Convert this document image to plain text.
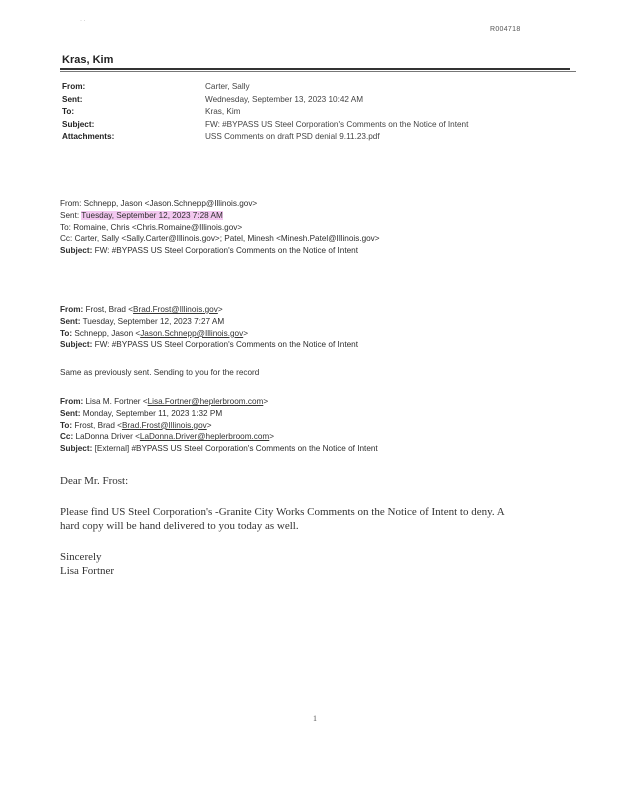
· ·
R004718
Kras, Kim
From:	Carter, Sally
Sent:	Wednesday, September 13, 2023 10:42 AM
To:	Kras, Kim
Subject:	FW: #BYPASS US Steel Corporation's Comments on the Notice of Intent
Attachments:	USS Comments on draft PSD denial 9.11.23.pdf
From: Schnepp, Jason <Jason.Schnepp@Illinois.gov>
Sent: Tuesday, September 12, 2023 7:28 AM
To: Romaine, Chris <Chris.Romaine@Illinois.gov>
Cc: Carter, Sally <Sally.Carter@Illinois.gov>; Patel, Minesh <Minesh.Patel@Illinois.gov>
Subject: FW: #BYPASS US Steel Corporation's Comments on the Notice of Intent
From: Frost, Brad <Brad.Frost@Illinois.gov>
Sent: Tuesday, September 12, 2023 7:27 AM
To: Schnepp, Jason <Jason.Schnepp@Illinois.gov>
Subject: FW: #BYPASS US Steel Corporation's Comments on the Notice of Intent
Same as previously sent. Sending to you for the record
From: Lisa M. Fortner <Lisa.Fortner@heplerbroom.com>
Sent: Monday, September 11, 2023 1:32 PM
To: Frost, Brad <Brad.Frost@Illinois.gov>
Cc: LaDonna Driver <LaDonna.Driver@heplerbroom.com>
Subject: [External] #BYPASS US Steel Corporation's Comments on the Notice of Intent
Dear Mr. Frost:
Please find US Steel Corporation's -Granite City Works Comments on the Notice of Intent to deny. A
hard copy will be hand delivered to you today as well.
Sincerely
Lisa Fortner
1
